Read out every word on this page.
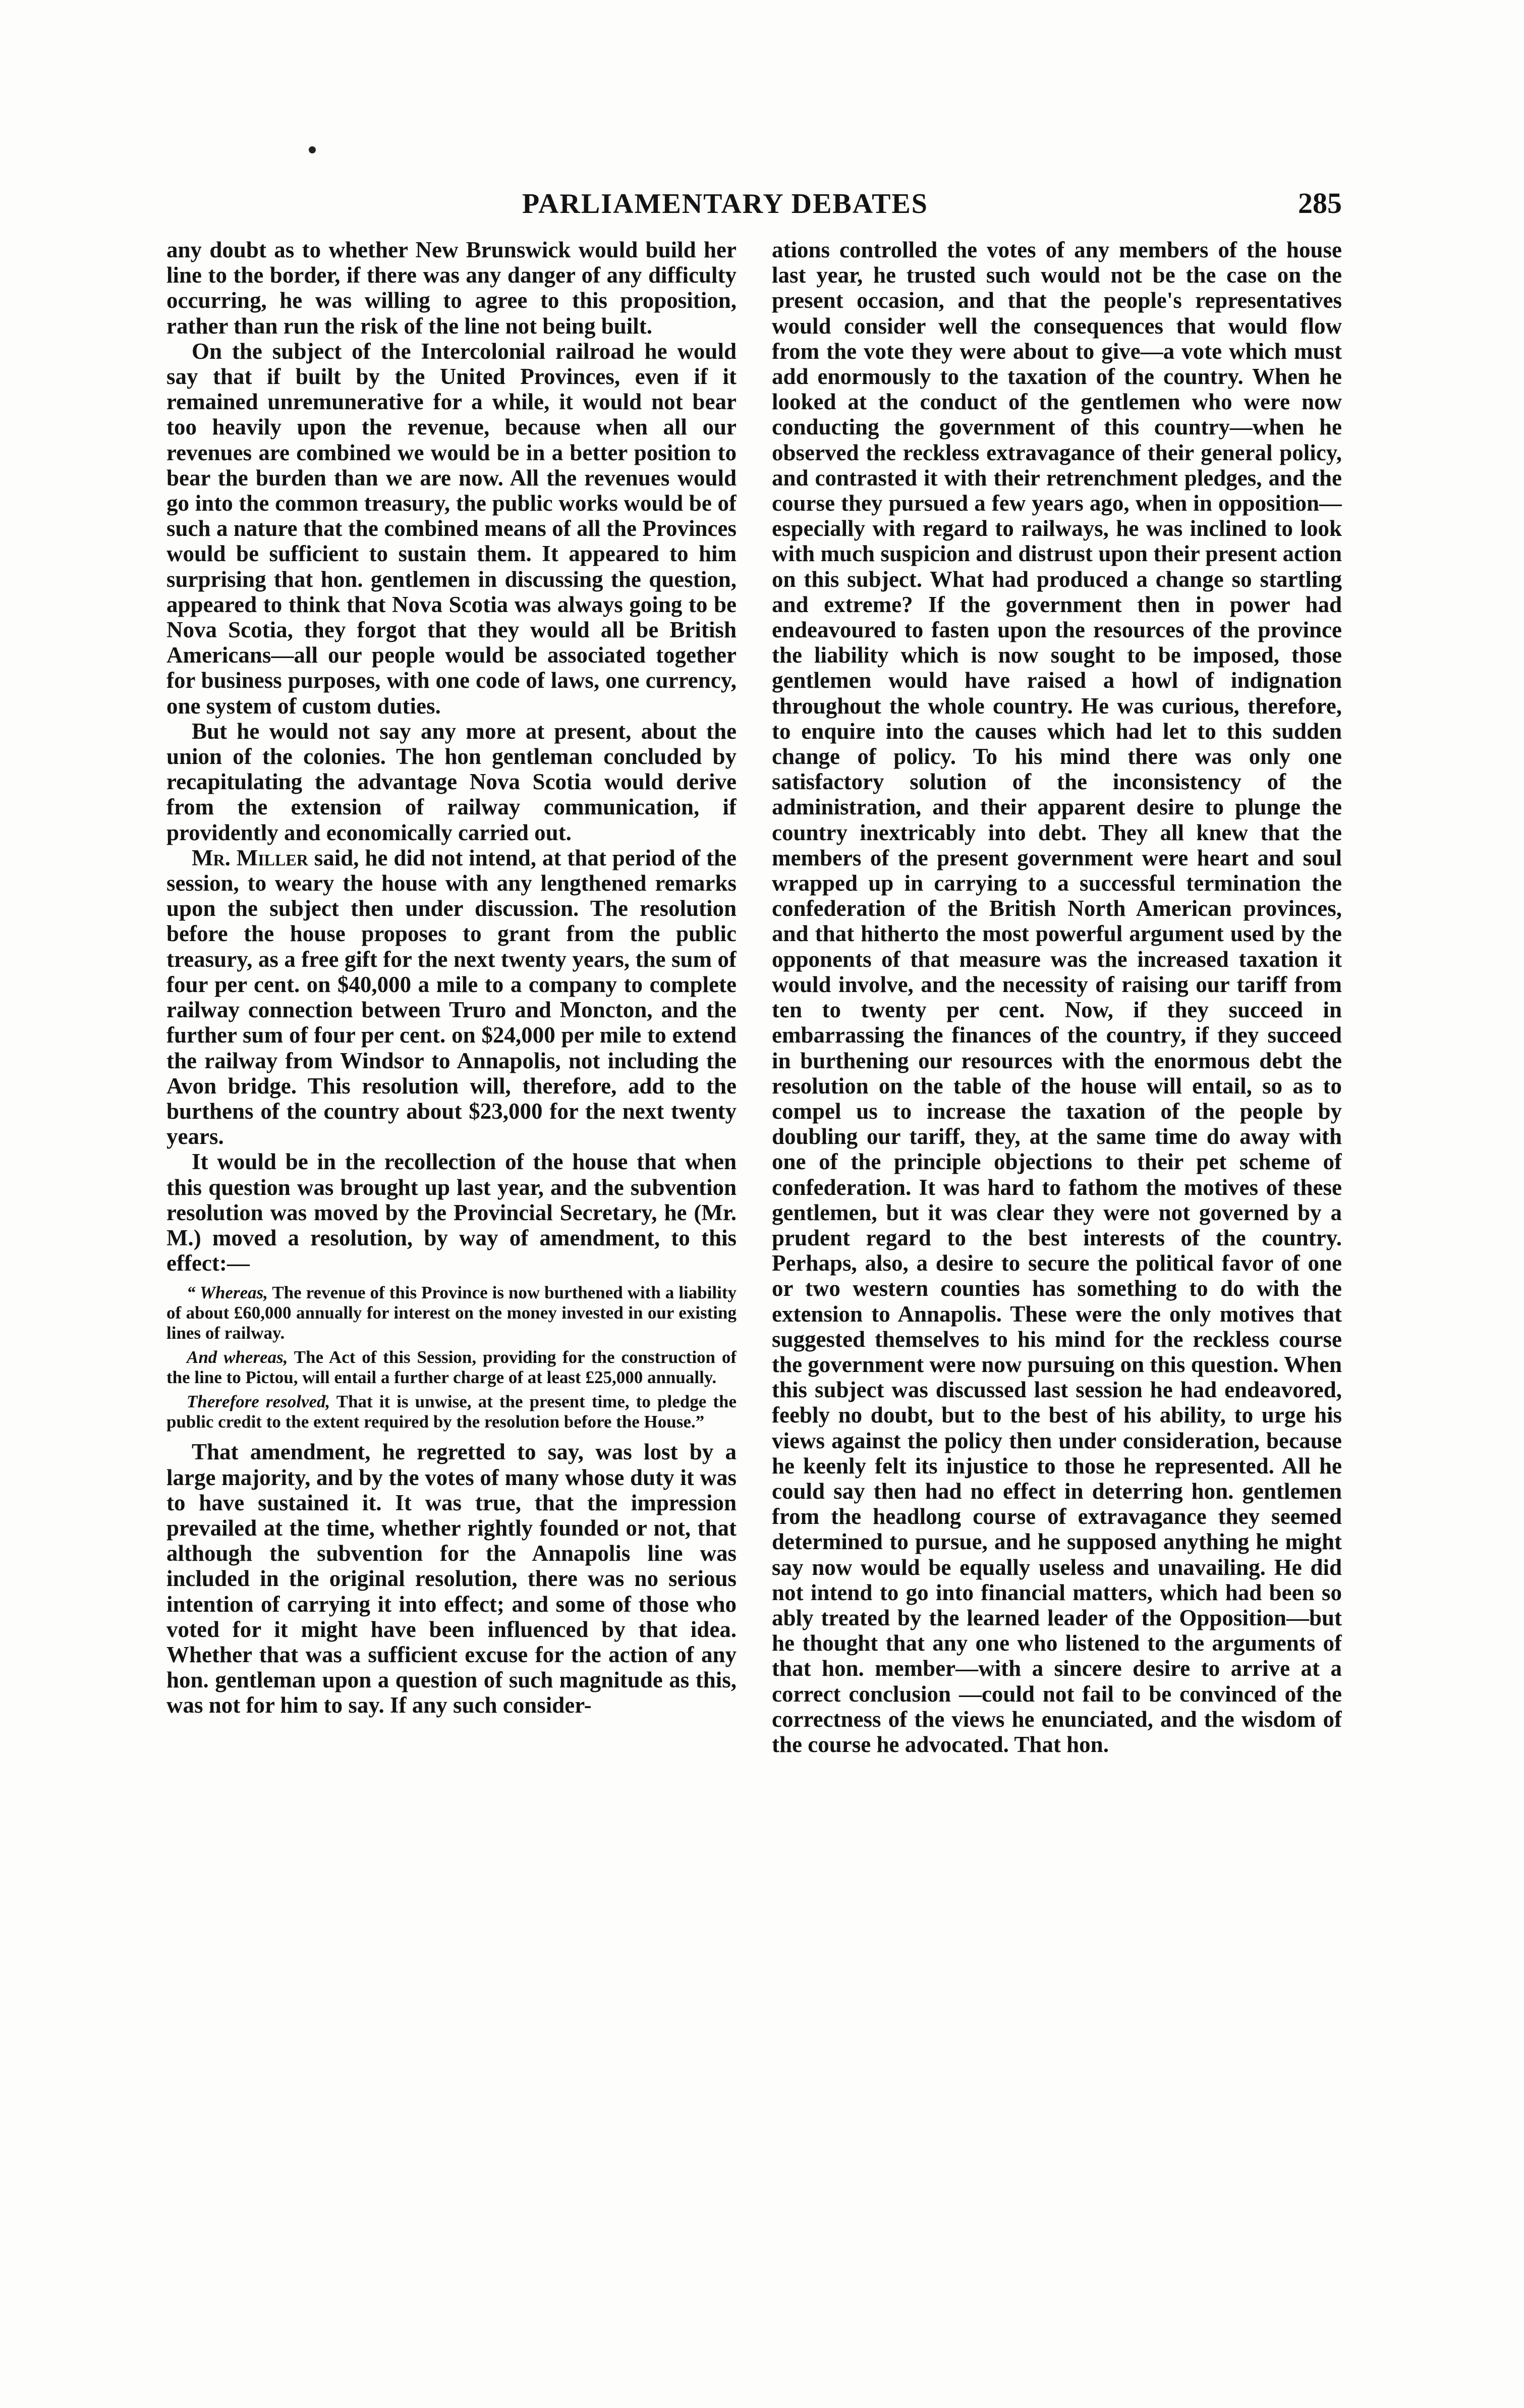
PARLIAMENTARY DEBATES	285

any doubt as to whether New Brunswick would build her line to the border, if there was any danger of any difficulty occurring, he was willing to agree to this proposition, rather than run the risk of the line not being built.

On the subject of the Intercolonial railroad he would say that if built by the United Provinces, even if it remained unremunerative for a while, it would not bear too heavily upon the revenue, because when all our revenues are combined we would be in a better position to bear the burden than we are now. All the revenues would go into the common treasury, the public works would be of such a nature that the combined means of all the Provinces would be sufficient to sustain them. It appeared to him surprising that hon. gentlemen in discussing the question, appeared to think that Nova Scotia was always going to be Nova Scotia, they forgot that they would all be British Americans—all our people would be associated together for business purposes, with one code of laws, one currency, one system of custom duties.

But he would not say any more at present, about the union of the colonies. The hon gentleman concluded by recapitulating the advantage Nova Scotia would derive from the extension of railway communication, if providently and economically carried out.

Mr. Miller said, he did not intend, at that period of the session, to weary the house with any lengthened remarks upon the subject then under discussion. The resolution before the house proposes to grant from the public treasury, as a free gift for the next twenty years, the sum of four per cent. on $40,000 a mile to a company to complete railway connection between Truro and Moncton, and the further sum of four per cent. on $24,000 per mile to extend the railway from Windsor to Annapolis, not including the Avon bridge. This resolution will, therefore, add to the burthens of the country about $23,000 for the next twenty years.

It would be in the recollection of the house that when this question was brought up last year, and the subvention resolution was moved by the Provincial Secretary, he (Mr. M.) moved a resolution, by way of amendment, to this effect:—

“ Whereas, The revenue of this Province is now burthened with a liability of about £60,000 annually for interest on the money invested in our existing lines of railway.

And whereas, The Act of this Session, providing for the construction of the line to Pictou, will entail a further charge of at least £25,000 annually.

Therefore resolved, That it is unwise, at the present time, to pledge the public credit to the extent required by the resolution before the House.”

That amendment, he regretted to say, was lost by a large majority, and by the votes of many whose duty it was to have sustained it. It was true, that the impression prevailed at the time, whether rightly founded or not, that although the subvention for the Annapolis line was included in the original resolution, there was no serious intention of carrying it into effect; and some of those who voted for it might have been influenced by that idea. Whether that was a sufficient excuse for the action of any hon. gentleman upon a question of such magnitude as this, was not for him to say. If any such consider-

ations controlled the votes of any members of the house last year, he trusted such would not be the case on the present occasion, and that the people's representatives would consider well the consequences that would flow from the vote they were about to give—a vote which must add enormously to the taxation of the country. When he looked at the conduct of the gentlemen who were now conducting the government of this country—when he observed the reckless extravagance of their general policy, and contrasted it with their retrenchment pledges, and the course they pursued a few years ago, when in opposition—especially with regard to railways, he was inclined to look with much suspicion and distrust upon their present action on this subject. What had produced a change so startling and extreme? If the government then in power had endeavoured to fasten upon the resources of the province the liability which is now sought to be imposed, those gentlemen would have raised a howl of indignation throughout the whole country. He was curious, therefore, to enquire into the causes which had let to this sudden change of policy. To his mind there was only one satisfactory solution of the inconsistency of the administration, and their apparent desire to plunge the country inextricably into debt. They all knew that the members of the present government were heart and soul wrapped up in carrying to a successful termination the confederation of the British North American provinces, and that hitherto the most powerful argument used by the opponents of that measure was the increased taxation it would involve, and the necessity of raising our tariff from ten to twenty per cent. Now, if they succeed in embarrassing the finances of the country, if they succeed in burthening our resources with the enormous debt the resolution on the table of the house will entail, so as to compel us to increase the taxation of the people by doubling our tariff, they, at the same time do away with one of the principle objections to their pet scheme of confederation. It was hard to fathom the motives of these gentlemen, but it was clear they were not governed by a prudent regard to the best interests of the country. Perhaps, also, a desire to secure the political favor of one or two western counties has something to do with the extension to Annapolis. These were the only motives that suggested themselves to his mind for the reckless course the government were now pursuing on this question. When this subject was discussed last session he had endeavored, feebly no doubt, but to the best of his ability, to urge his views against the policy then under consideration, because he keenly felt its injustice to those he represented. All he could say then had no effect in deterring hon. gentlemen from the headlong course of extravagance they seemed determined to pursue, and he supposed anything he might say now would be equally useless and unavailing. He did not intend to go into financial matters, which had been so ably treated by the learned leader of the Opposition—but he thought that any one who listened to the arguments of that hon. member—with a sincere desire to arrive at a correct conclusion —could not fail to be convinced of the correctness of the views he enunciated, and the wisdom of the course he advocated. That hon.
